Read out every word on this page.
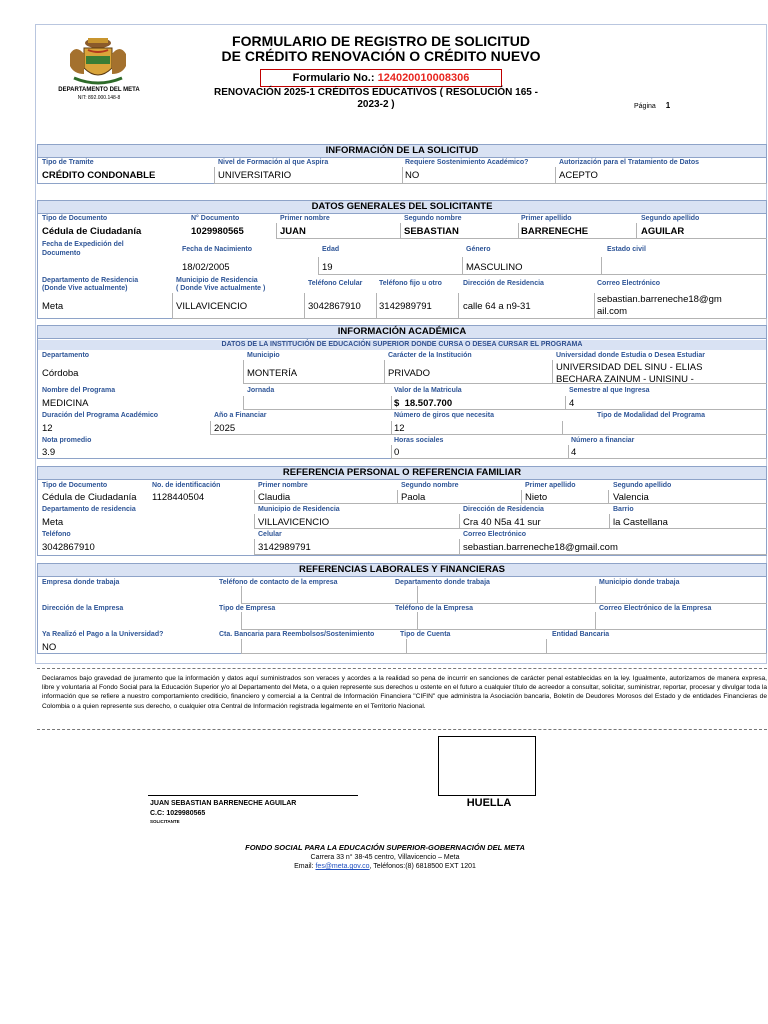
DEPARTAMENTO DEL META
NIT: 892.000.148-8
FORMULARIO DE REGISTRO DE SOLICITUD
DE CRÉDITO RENOVACIÓN O CRÉDITO NUEVO
Formulario No.: 124020010008306
RENOVACIÓN 2025-1 CRÉDITOS EDUCATIVOS ( RESOLUCIÓN 165 -
2023-2 )	Página 1
INFORMACIÓN DE LA SOLICITUD
Tipo de Tramite
CRÉDITO CONDONABLE
Nivel de Formación al que Aspira
UNIVERSITARIO
Requiere Sostenimiento Académico?
NO
Autorización para el Tratamiento de Datos
ACEPTO
DATOS GENERALES DEL SOLICITANTE
Tipo de Documento
Cédula de Ciudadanía
N° Documento
1029980565
Primer nombre
JUAN
Segundo nombre
SEBASTIAN
Primer apellido
BARRENECHE
Segundo apellido
AGUILAR
Fecha de Expedición del
Documento
Fecha de Nacimiento
18/02/2005
Edad
19
Género
MASCULINO
Estado civil
Departamento de Residencia
(Donde Vive actualmente)
Meta
Municipio de Residencia
( Donde Vive actualmente )
VILLAVICENCIO
Teléfono Celular
3042867910
Teléfono fijo u otro
3142989791
Dirección de Residencia
calle 64 a n9-31
Correo Electrónico
sebastian.barreneche18@gm
ail.com
INFORMACIÓN ACADÉMICA
DATOS DE LA INSTITUCIÓN DE EDUCACIÓN SUPERIOR DONDE CURSA O DESEA CURSAR EL PROGRAMA
Departamento
Córdoba
Municipio
MONTERÍA
Carácter de la Institución
PRIVADO
Universidad donde Estudia o Desea Estudiar
UNIVERSIDAD DEL SINU - ELIAS
BECHARA ZAINUM - UNISINU -
Nombre del Programa
MEDICINA
Jornada	Valor de la Matricula
$ 18.507.700
Semestre al que Ingresa
4
Duración del Programa Académico
12
Año a Financiar
2025
Número de giros que necesita
12
Tipo de Modalidad del Programa
Nota promedio
3.9
Horas sociales
0
Número a financiar
4
REFERENCIA PERSONAL O REFERENCIA FAMILIAR
Tipo de Documento
Cédula de Ciudadanía
No. de identificación
1128440504
Primer nombre
Claudia
Segundo nombre
Paola
Primer apellido
Nieto
Segundo apellido
Valencia
Departamento de residencia
Meta
Municipio de Residencia
VILLAVICENCIO
Dirección de Residencia
Cra 40 N5a 41 sur
Barrio
la Castellana
Teléfono
3042867910
Celular
3142989791
Correo Electrónico
sebastian.barreneche18@gmail.com
REFERENCIAS LABORALES Y FINANCIERAS
Empresa donde trabaja	Teléfono de contacto de la empresa	Departamento donde trabaja	Municipio donde trabaja
Dirección de la Empresa	Tipo de Empresa	Teléfono de la Empresa	Correo Electrónico de la Empresa
Ya Realizó el Pago a la Universidad?
NO
Cta. Bancaria para Reembolsos/Sostenimiento	Tipo de Cuenta	Entidad Bancaria
Declaramos bajo gravedad de juramento que la información y datos aquí suministrados son veraces y acordes a la realidad so pena de incurrir en sanciones de carácter penal establecidas en la ley. Igualmente, autorizamos de manera expresa, libre y voluntaria al Fondo Social para la Educación Superior y/o al Departamento del Meta, o a quien represente sus derechos u ostente en el futuro a cualquier título de acreedor a consultar, solicitar, suministrar, reportar, procesar y divulgar toda la información que se refiere a nuestro comportamiento crediticio, financiero y comercial a la Central de Información Financiera "CIFIN" que administra la Asociación bancaria, Boletín de Deudores Morosos del Estado y de entidades Financieras de Colombia o a quien represente sus derecho, o cualquier otra Central de Información registrada legalmente en el Territorio Nacional.
HUELLA
JUAN SEBASTIAN BARRENECHE AGUILAR
C.C: 1029980565
SOLICITANTE
FONDO SOCIAL PARA LA EDUCACIÓN SUPERIOR-GOBERNACIÓN DEL META
Carrera 33 n° 38-45 centro, Villavicencio – Meta
Email: fes@meta.gov.co, Teléfonos:(8) 6818500 EXT 1201
